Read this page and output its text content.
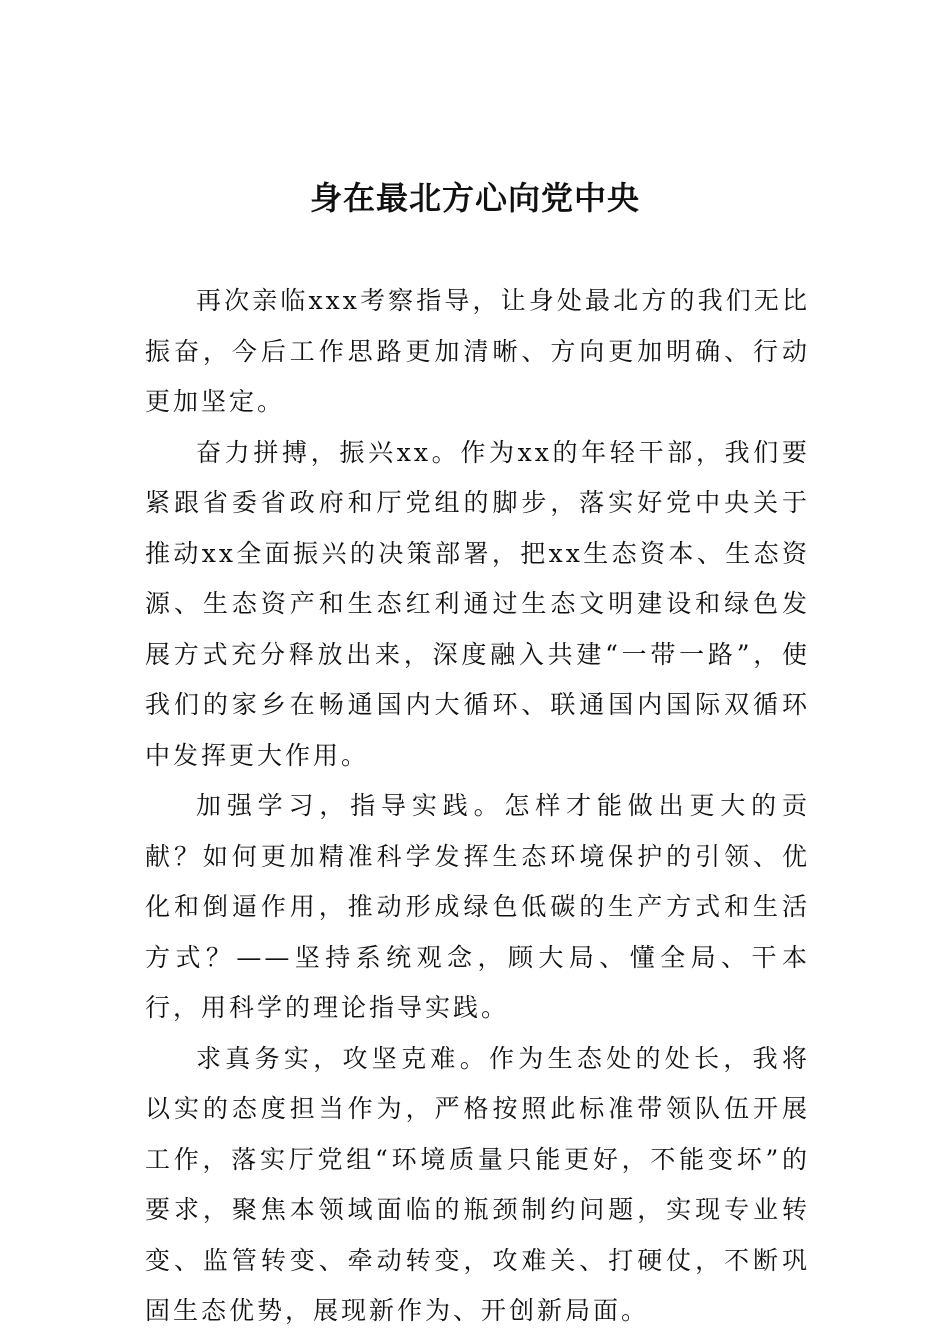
身在最北方心向党中央

再次亲临xxx考察指导，让身处最北方的我们无比振奋，今后工作思路更加清晰、方向更加明确、行动更加坚定。

奋力拼搏，振兴xx。作为xx的年轻干部，我们要紧跟省委省政府和厅党组的脚步，落实好党中央关于推动xx全面振兴的决策部署，把xx生态资本、生态资源、生态资产和生态红利通过生态文明建设和绿色发展方式充分释放出来，深度融入共建“一带一路”，使我们的家乡在畅通国内大循环、联通国内国际双循环中发挥更大作用。

加强学习，指导实践。怎样才能做出更大的贡献？如何更加精准科学发挥生态环境保护的引领、优化和倒逼作用，推动形成绿色低碳的生产方式和生活方式？——坚持系统观念，顾大局、懂全局、干本行，用科学的理论指导实践。

求真务实，攻坚克难。作为生态处的处长，我将以实的态度担当作为，严格按照此标准带领队伍开展工作，落实厅党组“环境质量只能更好，不能变坏”的要求，聚焦本领域面临的瓶颈制约问题，实现专业转变、监管转变、牵动转变，攻难关、打硬仗，不断巩固生态优势，展现新作为、开创新局面。
